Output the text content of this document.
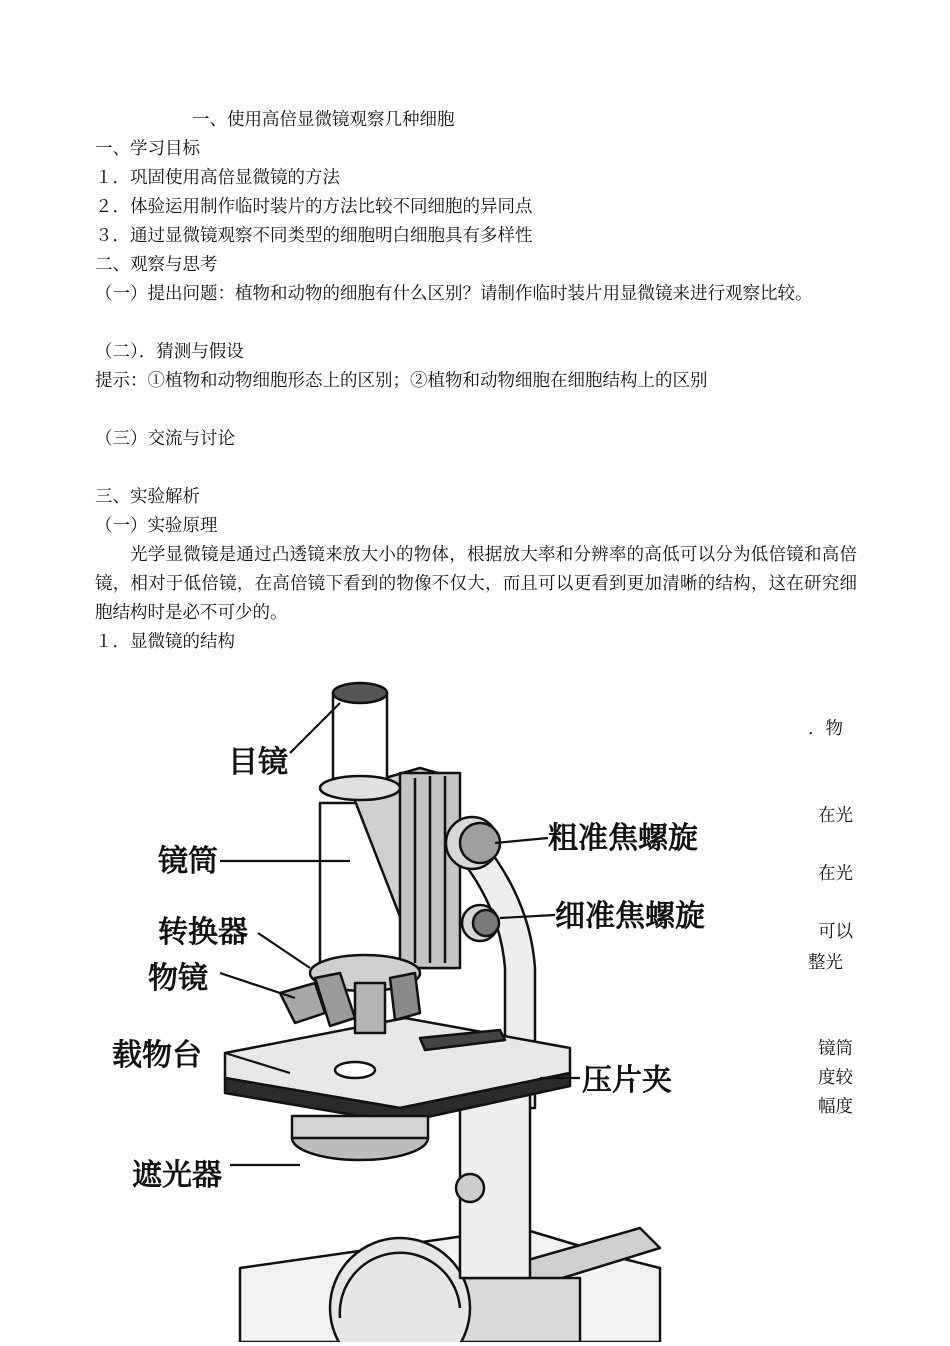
一、使用高倍显微镜观察几种细胞
一、学习目标
１．巩固使用高倍显微镜的方法
２．体验运用制作临时装片的方法比较不同细胞的异同点
３．通过显微镜观察不同类型的细胞明白细胞具有多样性
二、观察与思考
（一）提出问题：植物和动物的细胞有什么区别？请制作临时装片用显微镜来进行观察比较。
（二）．猜测与假设
提示：①植物和动物细胞形态上的区别；②植物和动物细胞在细胞结构上的区别
（三）交流与讨论
三、实验解析
（一）实验原理
光学显微镜是通过凸透镜来放大小的物体，根据放大率和分辨率的高低可以分为低倍镜和高倍镜，相对于低倍镜，在高倍镜下看到的物像不仅大，而且可以更看到更加清晰的结构，这在研究细胞结构时是必不可少的。
１．显微镜的结构
．物
在光
在光
可以
整光
镜筒
度较
幅度
目镜
镜筒
转换器
物镜
载物台
遮光器
粗准焦螺旋
细准焦螺旋
压片夹
